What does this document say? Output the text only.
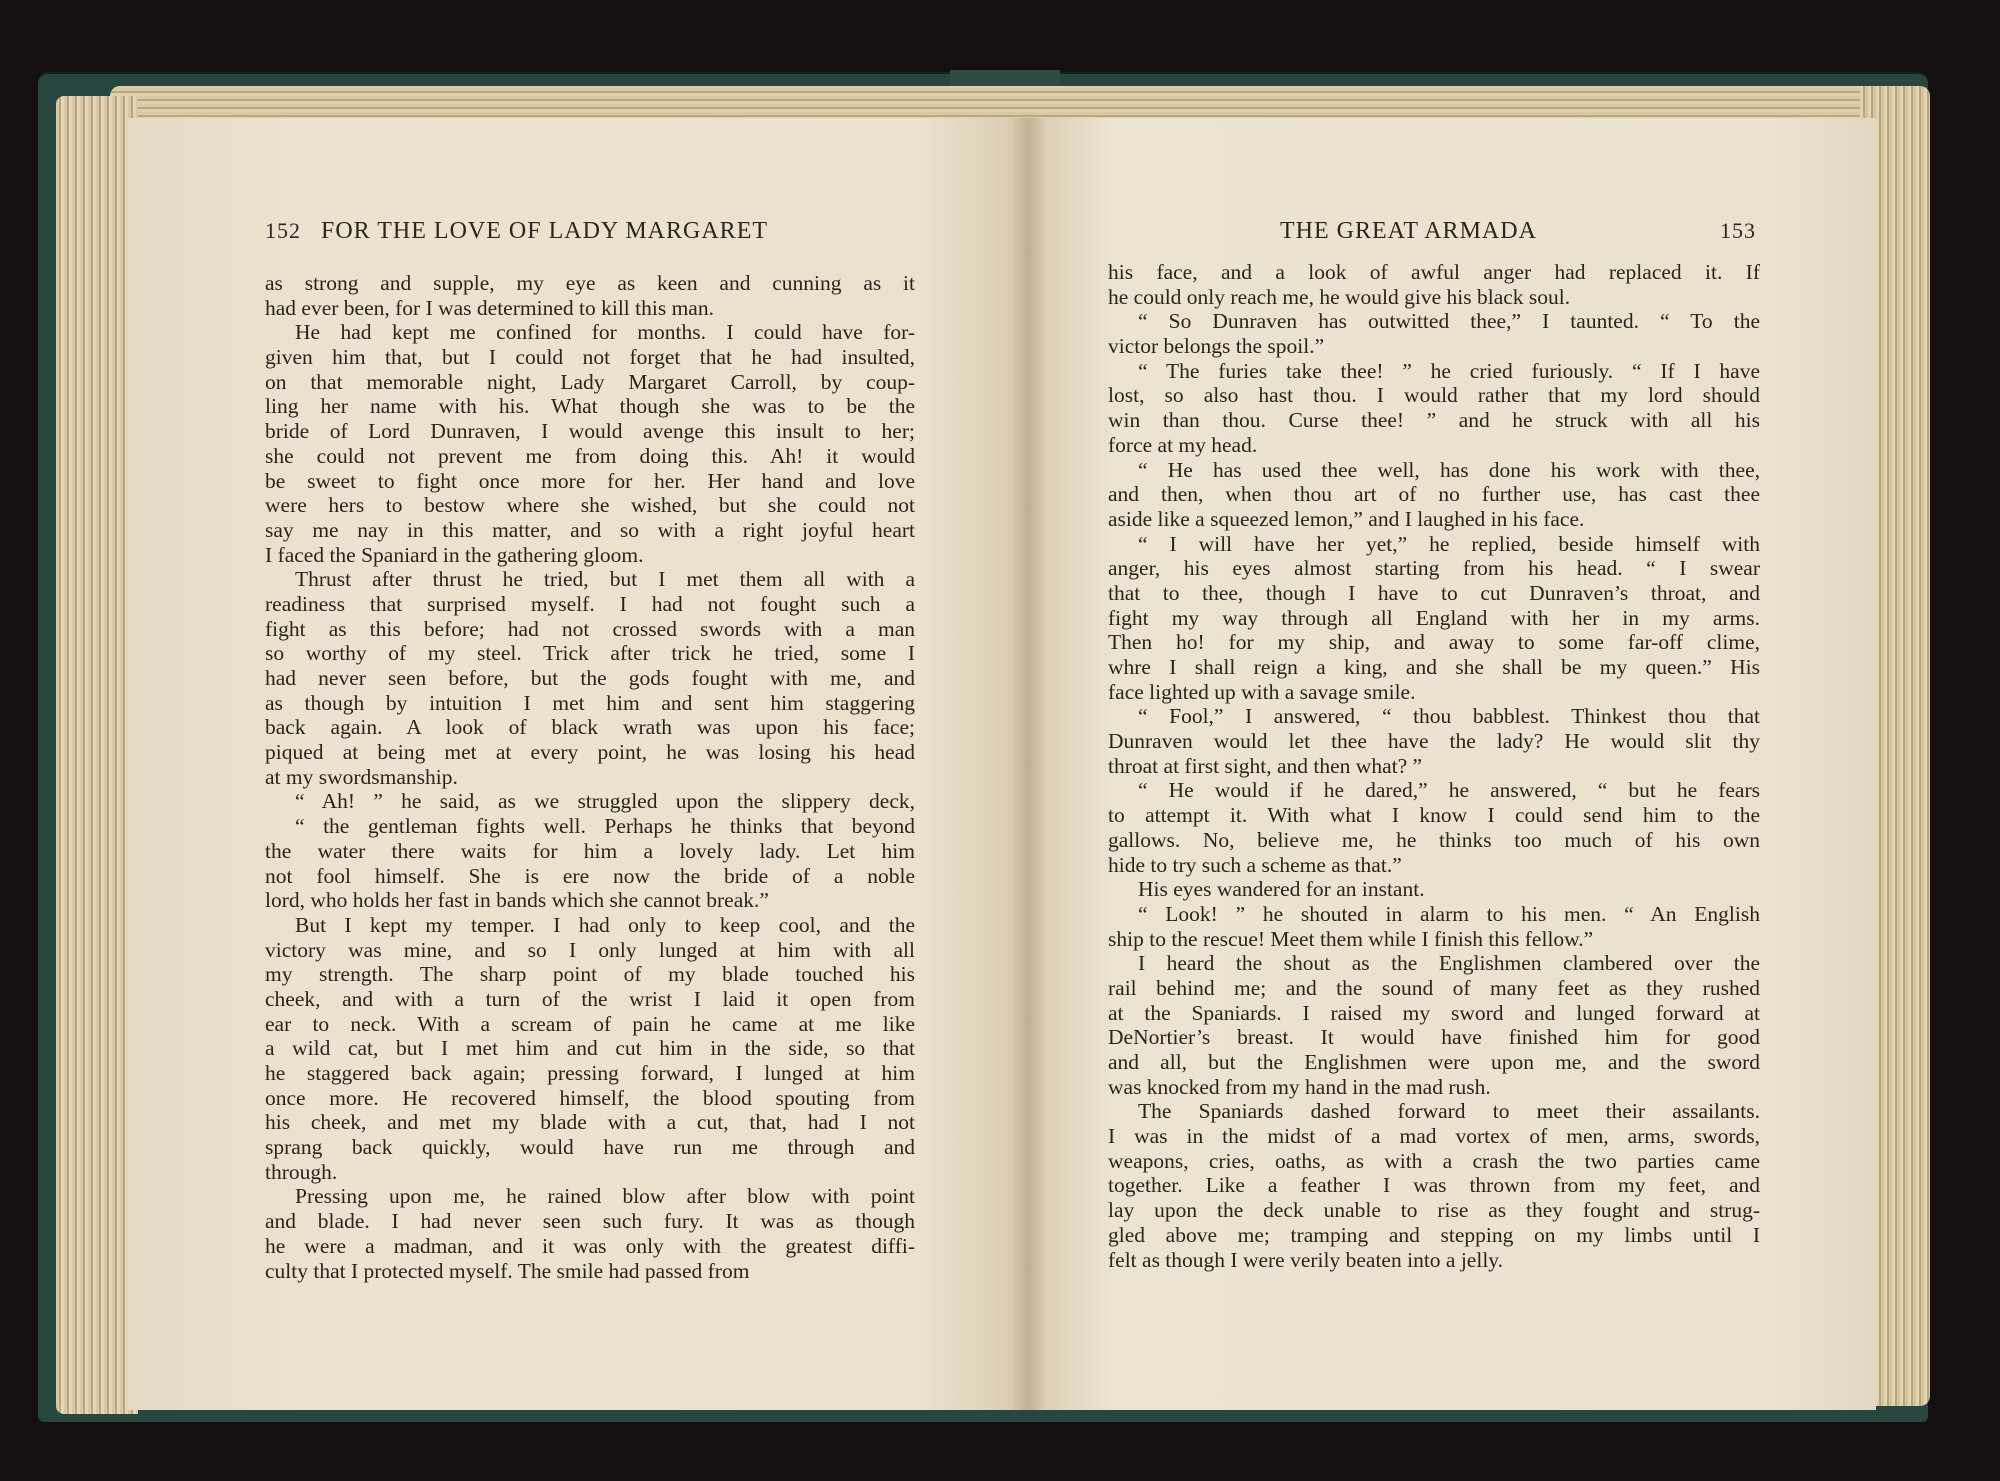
152 FOR THE LOVE OF LADY MARGARET	THE GREAT ARMADA	153
as strong and supple, my eye as keen and cunning as it
had ever been, for I was determined to kill this man.
He had kept me confined for months. I could have for-
given him that, but I could not forget that he had insulted,
on that memorable night, Lady Margaret Carroll, by coup-
ling her name with his. What though she was to be the
bride of Lord Dunraven, I would avenge this insult to her;
she could not prevent me from doing this. Ah! it would
be sweet to fight once more for her. Her hand and love
were hers to bestow where she wished, but she could not
say me nay in this matter, and so with a right joyful heart
I faced the Spaniard in the gathering gloom.
Thrust after thrust he tried, but I met them all with a
readiness that surprised myself. I had not fought such a
fight as this before; had not crossed swords with a man
so worthy of my steel. Trick after trick he tried, some I
had never seen before, but the gods fought with me, and
as though by intuition I met him and sent him staggering
back again. A look of black wrath was upon his face;
piqued at being met at every point, he was losing his head
at my swordsmanship.
“ Ah! ” he said, as we struggled upon the slippery deck,
“ the gentleman fights well. Perhaps he thinks that beyond
the water there waits for him a lovely lady. Let him
not fool himself. She is ere now the bride of a noble
lord, who holds her fast in bands which she cannot break.”
But I kept my temper. I had only to keep cool, and the
victory was mine, and so I only lunged at him with all
my strength. The sharp point of my blade touched his
cheek, and with a turn of the wrist I laid it open from
ear to neck. With a scream of pain he came at me like
a wild cat, but I met him and cut him in the side, so that
he staggered back again; pressing forward, I lunged at him
once more. He recovered himself, the blood spouting from
his cheek, and met my blade with a cut, that, had I not
sprang back quickly, would have run me through and
through.
Pressing upon me, he rained blow after blow with point
and blade. I had never seen such fury. It was as though
he were a madman, and it was only with the greatest diffi-
culty that I protected myself. The smile had passed from
his face, and a look of awful anger had replaced it. If
he could only reach me, he would give his black soul.
“ So Dunraven has outwitted thee,” I taunted. “ To the
victor belongs the spoil.”
“ The furies take thee! ” he cried furiously. “ If I have
lost, so also hast thou. I would rather that my lord should
win than thou. Curse thee! ” and he struck with all his
force at my head.
“ He has used thee well, has done his work with thee,
and then, when thou art of no further use, has cast thee
aside like a squeezed lemon,” and I laughed in his face.
“ I will have her yet,” he replied, beside himself with
anger, his eyes almost starting from his head. “ I swear
that to thee, though I have to cut Dunraven’s throat, and
fight my way through all England with her in my arms.
Then ho! for my ship, and away to some far-off clime,
whre I shall reign a king, and she shall be my queen.” His
face lighted up with a savage smile.
“ Fool,” I answered, “ thou babblest. Thinkest thou that
Dunraven would let thee have the lady? He would slit thy
throat at first sight, and then what? ”
“ He would if he dared,” he answered, “ but he fears
to attempt it. With what I know I could send him to the
gallows. No, believe me, he thinks too much of his own
hide to try such a scheme as that.”
His eyes wandered for an instant.
“ Look! ” he shouted in alarm to his men. “ An English
ship to the rescue! Meet them while I finish this fellow.”
I heard the shout as the Englishmen clambered over the
rail behind me; and the sound of many feet as they rushed
at the Spaniards. I raised my sword and lunged forward at
DeNortier’s breast. It would have finished him for good
and all, but the Englishmen were upon me, and the sword
was knocked from my hand in the mad rush.
The Spaniards dashed forward to meet their assailants.
I was in the midst of a mad vortex of men, arms, swords,
weapons, cries, oaths, as with a crash the two parties came
together. Like a feather I was thrown from my feet, and
lay upon the deck unable to rise as they fought and strug-
gled above me; tramping and stepping on my limbs until I
felt as though I were verily beaten into a jelly.
